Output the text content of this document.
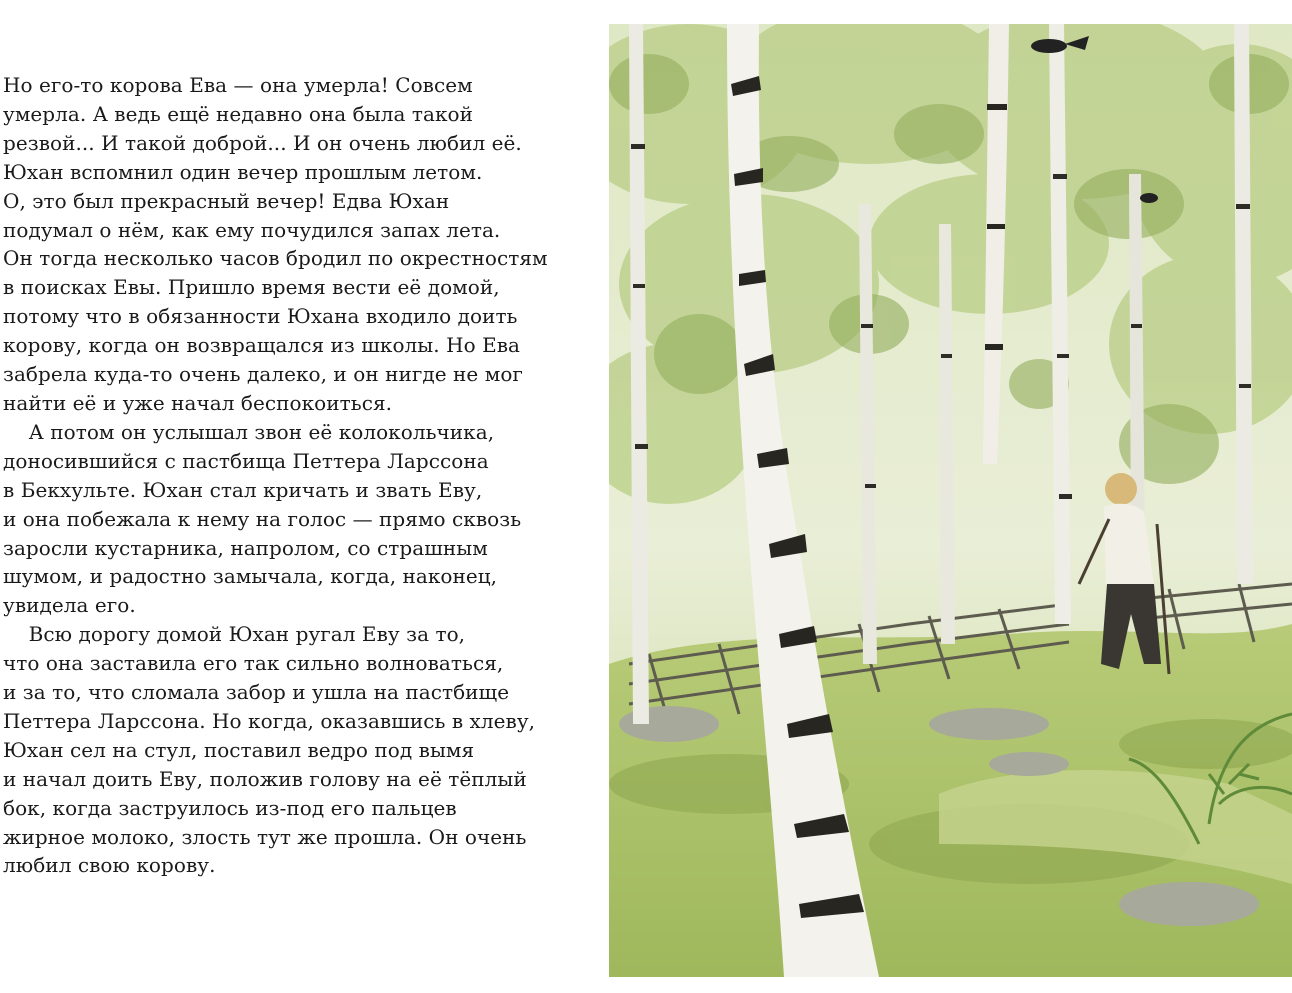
Но его-то корова Ева — она умерла! Совсем
умерла. А ведь ещё недавно она была такой
резвой... И такой доброй... И он очень любил её.
Юхан вспомнил один вечер прошлым летом.
О, это был прекрасный вечер! Едва Юхан
подумал о нём, как ему почудился запах лета.
Он тогда несколько часов бродил по окрестностям
в поисках Евы. Пришло время вести её домой,
потому что в обязанности Юхана входило доить
корову, когда он возвращался из школы. Но Ева
забрела куда-то очень далеко, и он нигде не мог
найти её и уже начал беспокоиться.
А потом он услышал звон её колокольчика,
доносившийся с пастбища Петтера Ларссона
в Бекхульте. Юхан стал кричать и звать Еву,
и она побежала к нему на голос — прямо сквозь
заросли кустарника, напролом, со страшным
шумом, и радостно замычала, когда, наконец,
увидела его.
Всю дорогу домой Юхан ругал Еву за то,
что она заставила его так сильно волноваться,
и за то, что сломала забор и ушла на пастбище
Петтера Ларссона. Но когда, оказавшись в хлеву,
Юхан сел на стул, поставил ведро под вымя
и начал доить Еву, положив голову на её тёплый
бок, когда заструилось из-под его пальцев
жирное молоко, злость тут же прошла. Он очень
любил свою корову.
